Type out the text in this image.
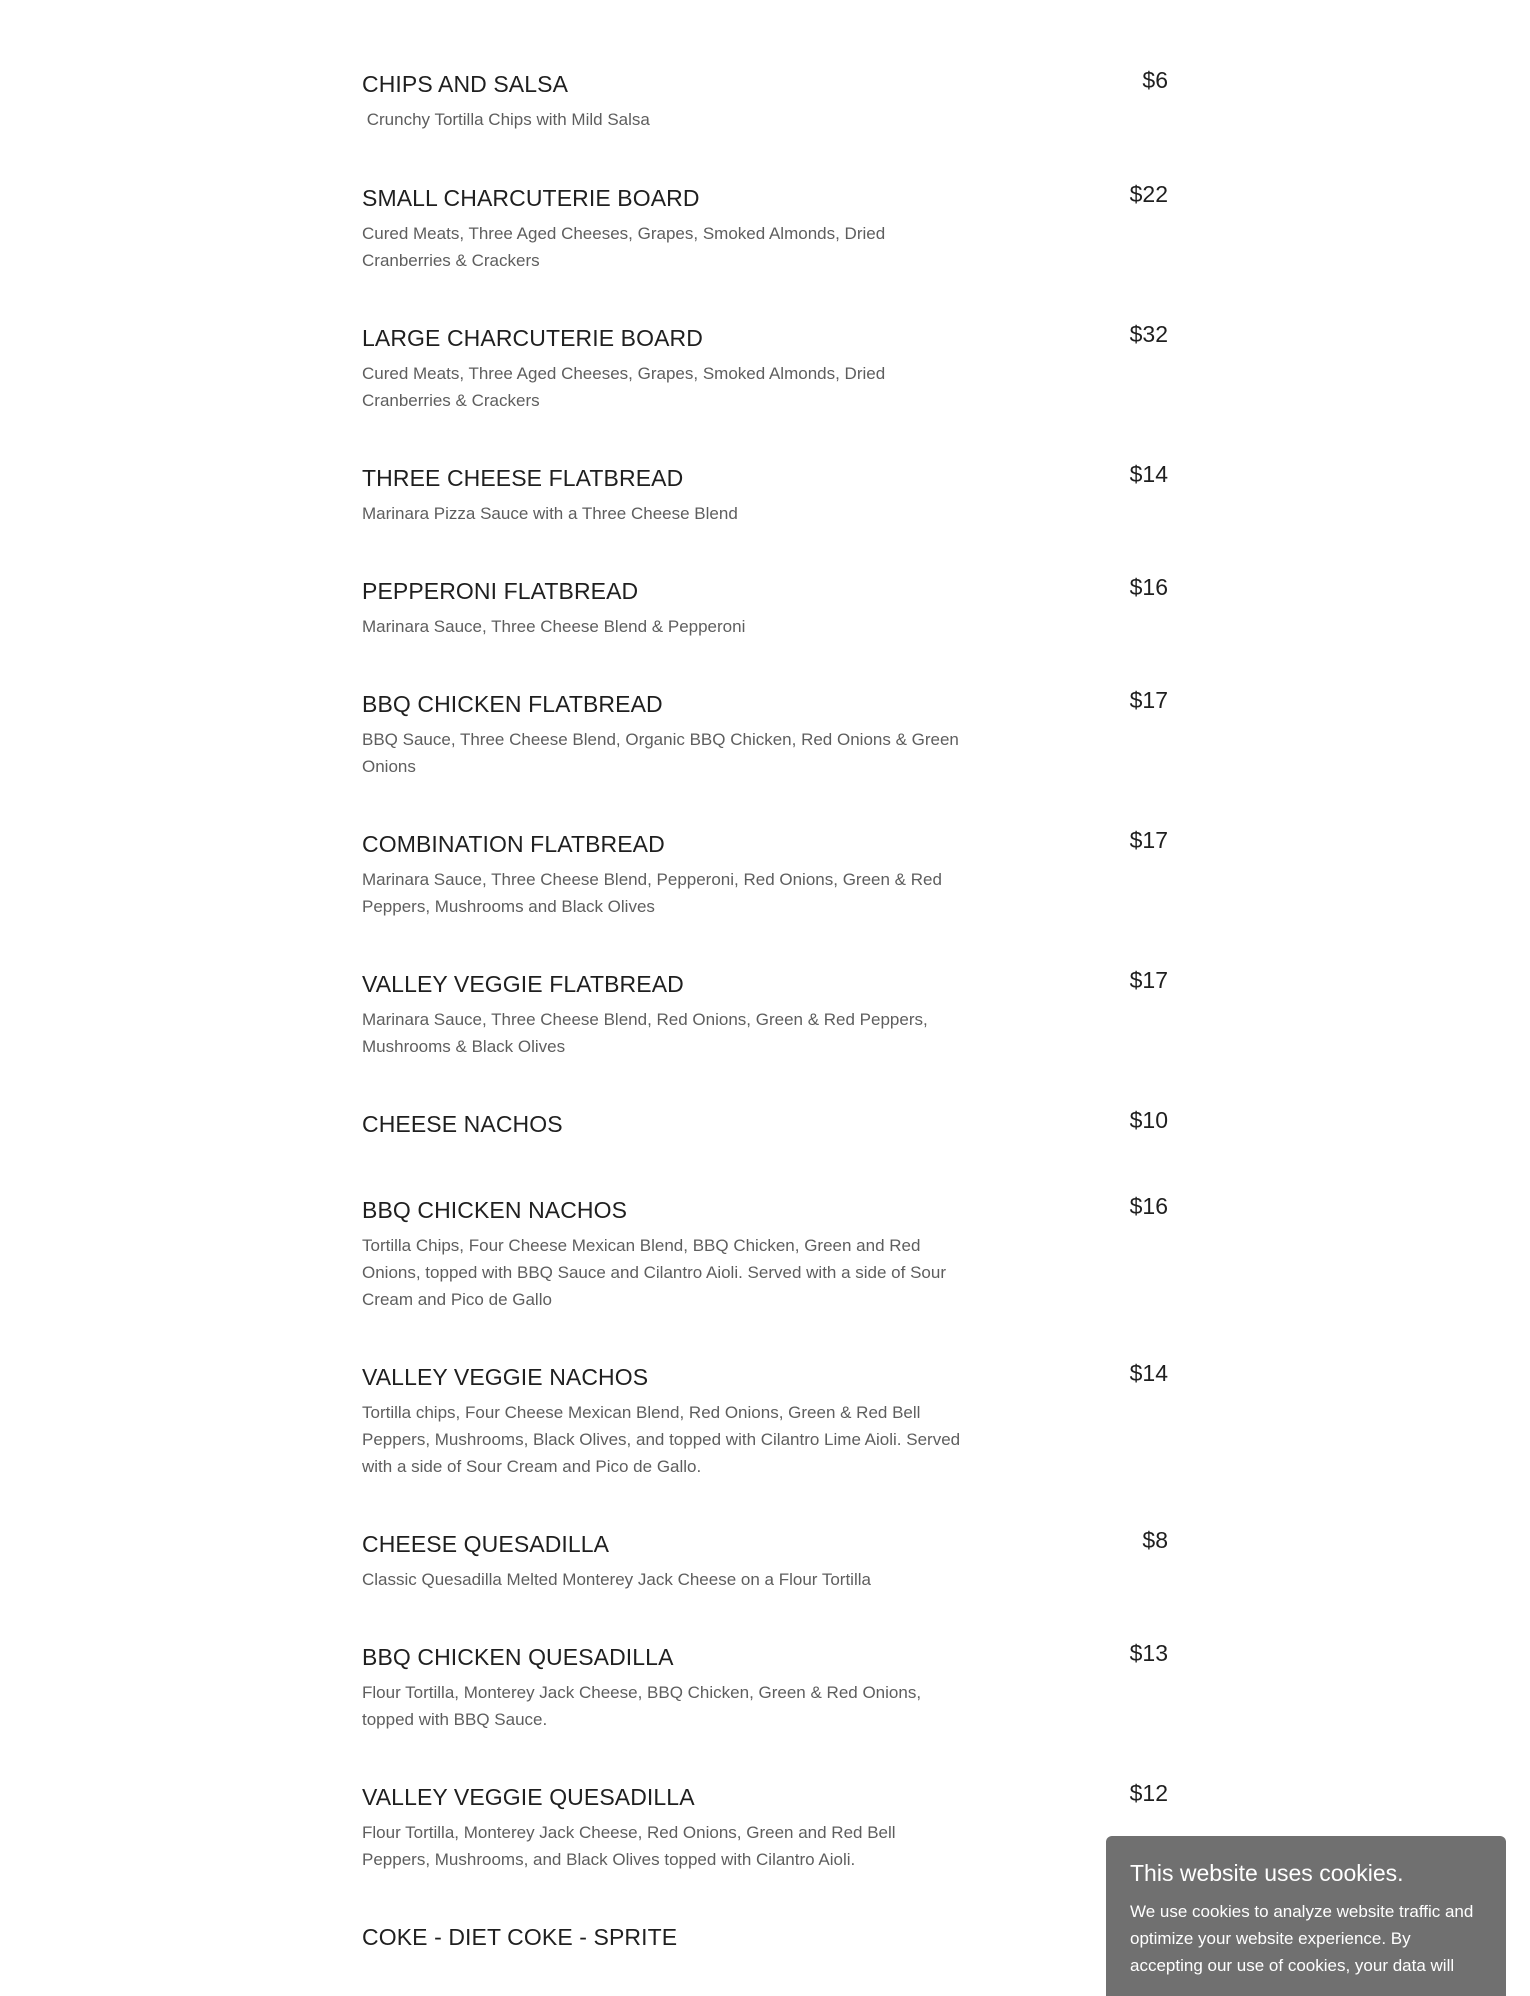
CHIPS AND SALSA	$6
Crunchy Tortilla Chips with Mild Salsa
SMALL CHARCUTERIE BOARD	$22
Cured Meats, Three Aged Cheeses, Grapes, Smoked Almonds, Dried Cranberries & Crackers
LARGE CHARCUTERIE BOARD	$32
Cured Meats, Three Aged Cheeses, Grapes, Smoked Almonds, Dried Cranberries & Crackers
THREE CHEESE FLATBREAD	$14
Marinara Pizza Sauce with a Three Cheese Blend
PEPPERONI FLATBREAD	$16
Marinara Sauce, Three Cheese Blend & Pepperoni
BBQ CHICKEN FLATBREAD	$17
BBQ Sauce, Three Cheese Blend, Organic BBQ Chicken, Red Onions & Green Onions
COMBINATION FLATBREAD	$17
Marinara Sauce, Three Cheese Blend, Pepperoni, Red Onions, Green & Red Peppers, Mushrooms and Black Olives
VALLEY VEGGIE FLATBREAD	$17
Marinara Sauce, Three Cheese Blend, Red Onions, Green & Red Peppers, Mushrooms & Black Olives
CHEESE NACHOS	$10
BBQ CHICKEN NACHOS	$16
Tortilla Chips, Four Cheese Mexican Blend, BBQ Chicken, Green and Red Onions, topped with BBQ Sauce and Cilantro Aioli. Served with a side of Sour Cream and Pico de Gallo
VALLEY VEGGIE NACHOS	$14
Tortilla chips, Four Cheese Mexican Blend, Red Onions, Green & Red Bell Peppers, Mushrooms, Black Olives, and topped with Cilantro Lime Aioli. Served with a side of Sour Cream and Pico de Gallo.
CHEESE QUESADILLA	$8
Classic Quesadilla Melted Monterey Jack Cheese on a Flour Tortilla
BBQ CHICKEN QUESADILLA	$13
Flour Tortilla, Monterey Jack Cheese, BBQ Chicken, Green & Red Onions, topped with BBQ Sauce.
VALLEY VEGGIE QUESADILLA	$12
Flour Tortilla, Monterey Jack Cheese, Red Onions, Green and Red Bell Peppers, Mushrooms, and Black Olives topped with Cilantro Aioli.
COKE - DIET COKE - SPRITE
This website uses cookies.

We use cookies to analyze website traffic and optimize your website experience. By accepting our use of cookies, your data will
